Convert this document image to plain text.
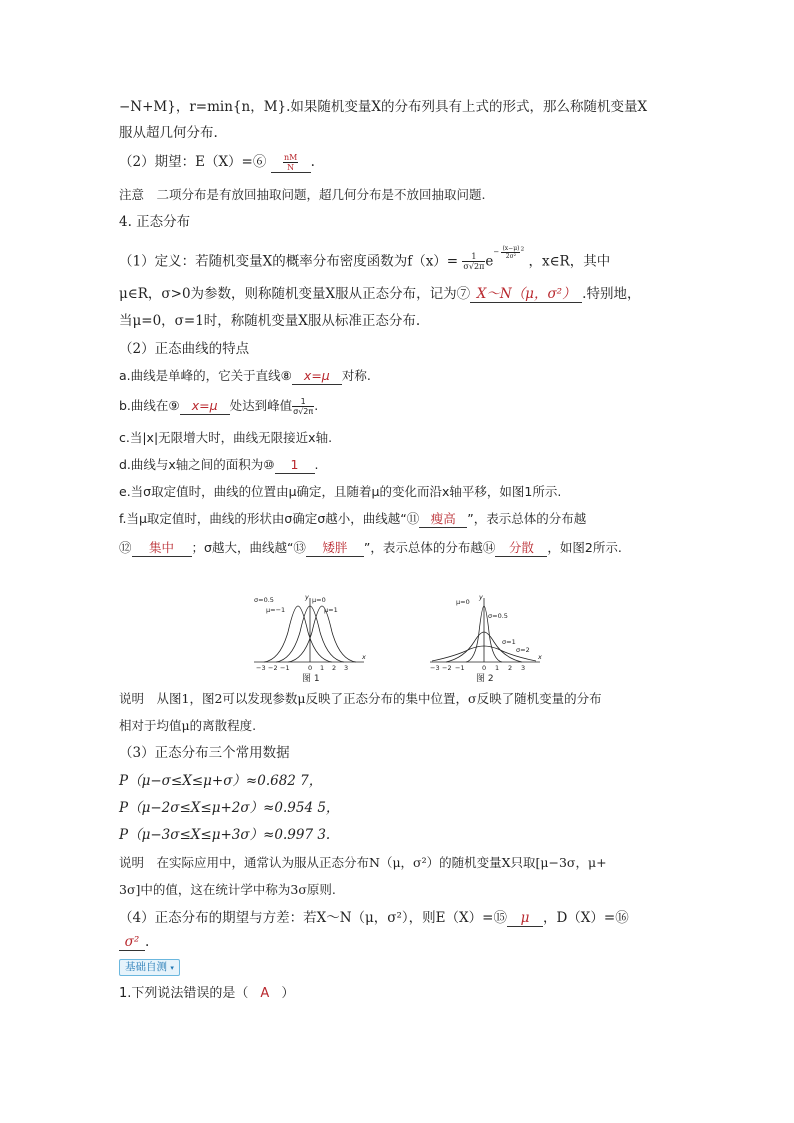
−N+M}，r=min{n，M}.如果随机变量X的分布列具有上式的形式，那么称随机变量X
服从超几何分布.
（2）期望：E（X）=⑥ $\frac{nM}{N}$ .
注意　二项分布是有放回抽取问题，超几何分布是不放回抽取问题.
4. 正态分布
（1）定义：若随机变量X的概率分布密度函数为$f(x)= \frac{1}{\sigma√2\pi} e^{- \frac{(x-\mu)}{\text{2σ²}} ^2}$ ，x∈R，其中
μ∈R，σ>0为参数，则称随机变量X服从正态分布，记为⑦ X～N（μ，σ²） .特别地，
当μ=0，σ=1时，称随机变量X服从标准正态分布.
（2）正态曲线的特点
a.曲线是单峰的，它关于直线⑧ x=μ 对称.
b.曲线在⑨ x=μ 处达到峰值 $\frac{1}{\sigma√2\pi}$ .
c.当|x|无限增大时，曲线无限接近x轴.
d.曲线与x轴之间的面积为⑩ 1 .
e.当σ取定值时，曲线的位置由μ确定，且随着μ的变化而沿x轴平移，如图1所示.
f.当μ取定值时，曲线的形状由σ确定σ越小，曲线越“⑪ 瘦高 ”，表示总体的分布越
⑫ 集中 ；σ越大，曲线越“⑬ 矮胖 ”，表示总体的分布越⑭ 分散 ，如图2所示.
σ=0.5	μ=0
μ=−1	μ=1
y
x
−3 −2 −1	0 1 2 3
图 1
μ=0
σ=0.5
σ=1
σ=2
y
x
−3 −2 −1	0 1 2 3
图 2
说明　从图1，图2可以发现参数μ反映了正态分布的集中位置，σ反映了随机变量的分布
相对于均值μ的离散程度.
（3）正态分布三个常用数据
P（μ−σ≤X≤μ+σ）≈0.682 7，
P（μ−2σ≤X≤μ+2σ）≈0.954 5，
P（μ−3σ≤X≤μ+3σ）≈0.997 3.
说明　在实际应用中，通常认为服从正态分布N（μ，σ²）的随机变量X只取[μ−3σ，μ+
3σ]中的值，这在统计学中称为3σ原则.
（4）正态分布的期望与方差：若X～N（μ，σ²），则E（X）=⑮ μ ，D（X）=⑯
σ² .
基础自测 ▾
1.下列说法错误的是（ A ）
